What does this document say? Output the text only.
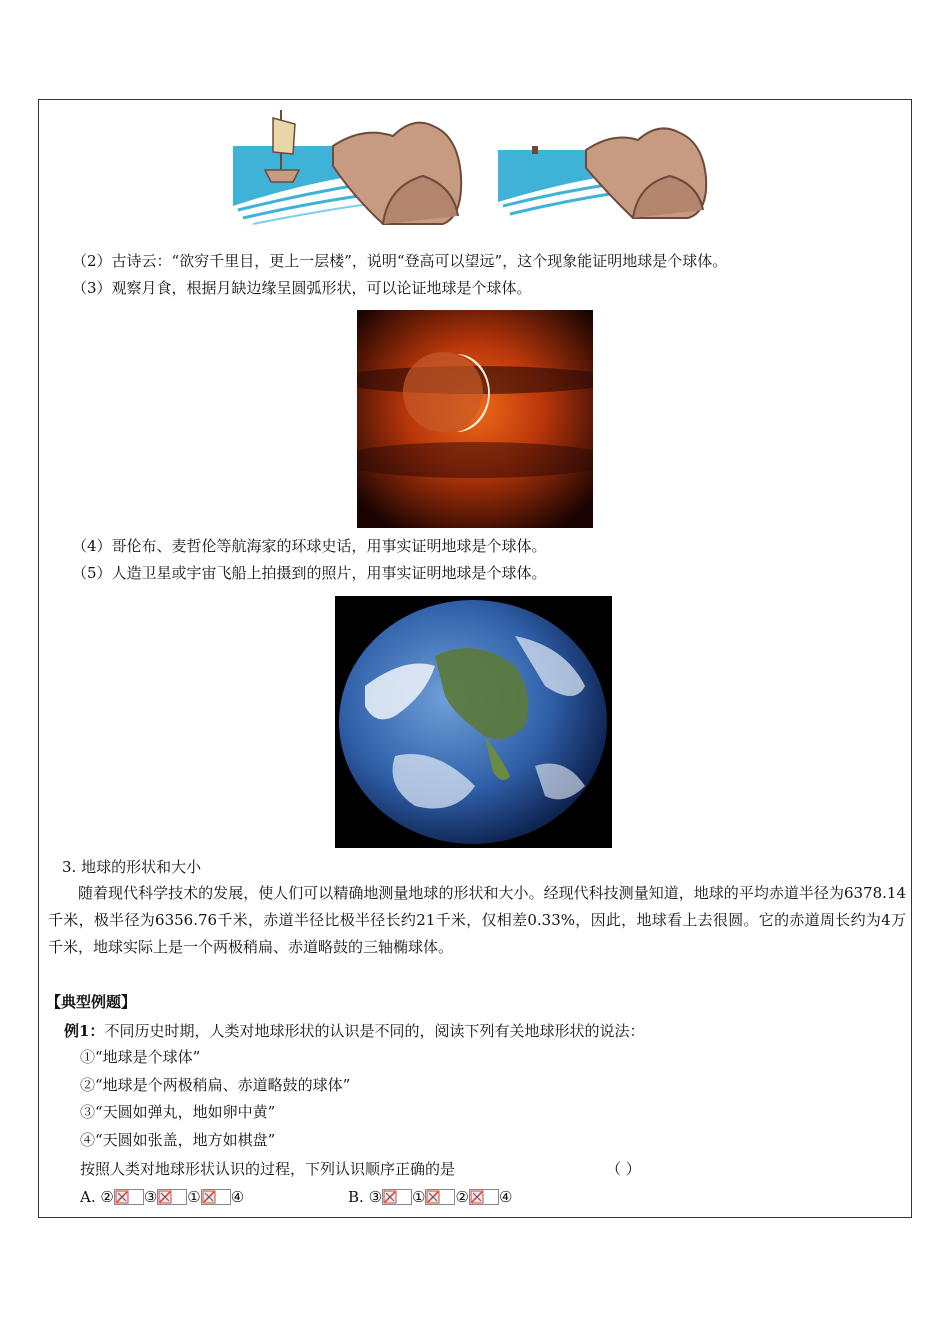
（2）古诗云：“欲穷千里目，更上一层楼”，说明“登高可以望远”，这个现象能证明地球是个球体。
（3）观察月食，根据月缺边缘呈圆弧形状，可以论证地球是个球体。
（4）哥伦布、麦哲伦等航海家的环球史话，用事实证明地球是个球体。
（5）人造卫星或宇宙飞船上拍摄到的照片，用事实证明地球是个球体。
3. 地球的形状和大小
随着现代科学技术的发展，使人们可以精确地测量地球的形状和大小。经现代科技测量知道，地球的平均赤道半径为6378.14千米，极半径为6356.76千米，赤道半径比极半径长约21千米，仅相差0.33%，因此，地球看上去很圆。它的赤道周长约为4万千米，地球实际上是一个两极稍扁、赤道略鼓的三轴椭球体。
【典型例题】
例1：不同历史时期，人类对地球形状的认识是不同的，阅读下列有关地球形状的说法：
①“地球是个球体”
②“地球是个两极稍扁、赤道略鼓的球体”
③“天圆如弹丸，地如卵中黄”
④“天圆如张盖，地方如棋盘”
按照人类对地球形状认识的过程，下列认识顺序正确的是	（ ）
A. ② ③ ① ④	B. ③ ① ② ④
